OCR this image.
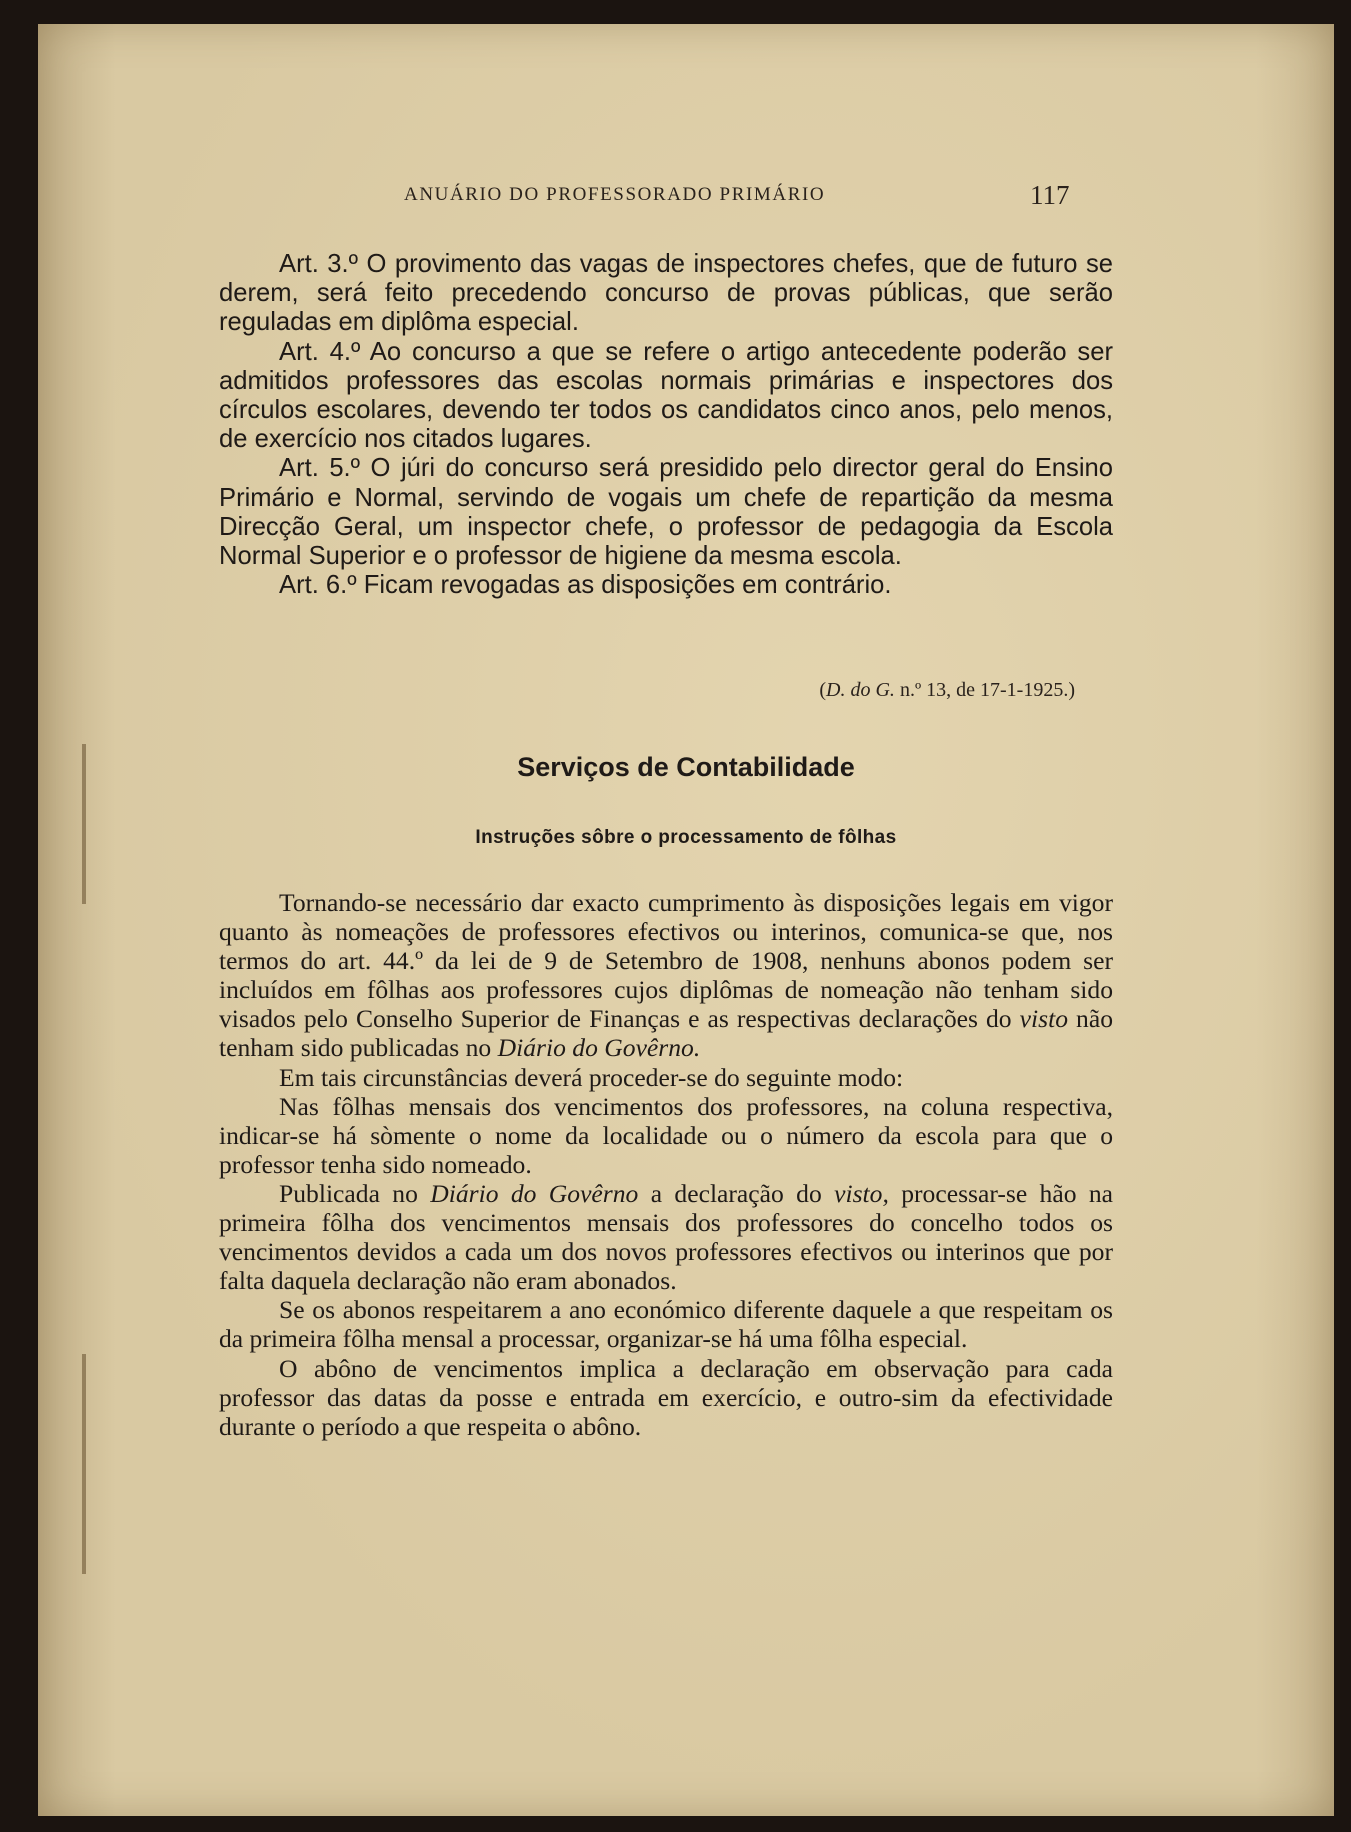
ANUÁRIO DO PROFESSORADO PRIMÁRIO	117

Art. 3.º O provimento das vagas de inspectores chefes, que de futuro se derem, será feito precedendo concurso de provas públicas, que serão reguladas em diplôma especial.

Art. 4.º Ao concurso a que se refere o artigo antecedente poderão ser admitidos professores das escolas normais primárias e inspectores dos círculos escolares, devendo ter todos os candidatos cinco anos, pelo menos, de exercício nos citados lugares.

Art. 5.º O júri do concurso será presidido pelo director geral do Ensino Primário e Normal, servindo de vogais um chefe de repartição da mesma Direcção Geral, um inspector chefe, o professor de pedagogia da Escola Normal Superior e o professor de higiene da mesma escola.

Art. 6.º Ficam revogadas as disposições em contrário.

(D. do G. n.º 13, de 17-1-1925.)
Serviços de Contabilidade
Instruções sôbre o processamento de fôlhas

Tornando-se necessário dar exacto cumprimento às disposições legais em vigor quanto às nomeações de professores efectivos ou interinos, comunica-se que, nos termos do art. 44.º da lei de 9 de Setembro de 1908, nenhuns abonos podem ser incluídos em fôlhas aos professores cujos diplômas de nomeação não tenham sido visados pelo Conselho Superior de Finanças e as respectivas declarações do visto não tenham sido publicadas no Diário do Govêrno.

Em tais circunstâncias deverá proceder-se do seguinte modo:

Nas fôlhas mensais dos vencimentos dos professores, na coluna respectiva, indicar-se há sòmente o nome da localidade ou o número da escola para que o professor tenha sido nomeado.

Publicada no Diário do Govêrno a declaração do visto, processar-se hão na primeira fôlha dos vencimentos mensais dos professores do concelho todos os vencimentos devidos a cada um dos novos professores efectivos ou interinos que por falta daquela declaração não eram abonados.

Se os abonos respeitarem a ano económico diferente daquele a que respeitam os da primeira fôlha mensal a processar, organizar-se há uma fôlha especial.

O abôno de vencimentos implica a declaração em observação para cada professor das datas da posse e entrada em exercício, e outro-sim da efectividade durante o período a que respeita o abôno.
